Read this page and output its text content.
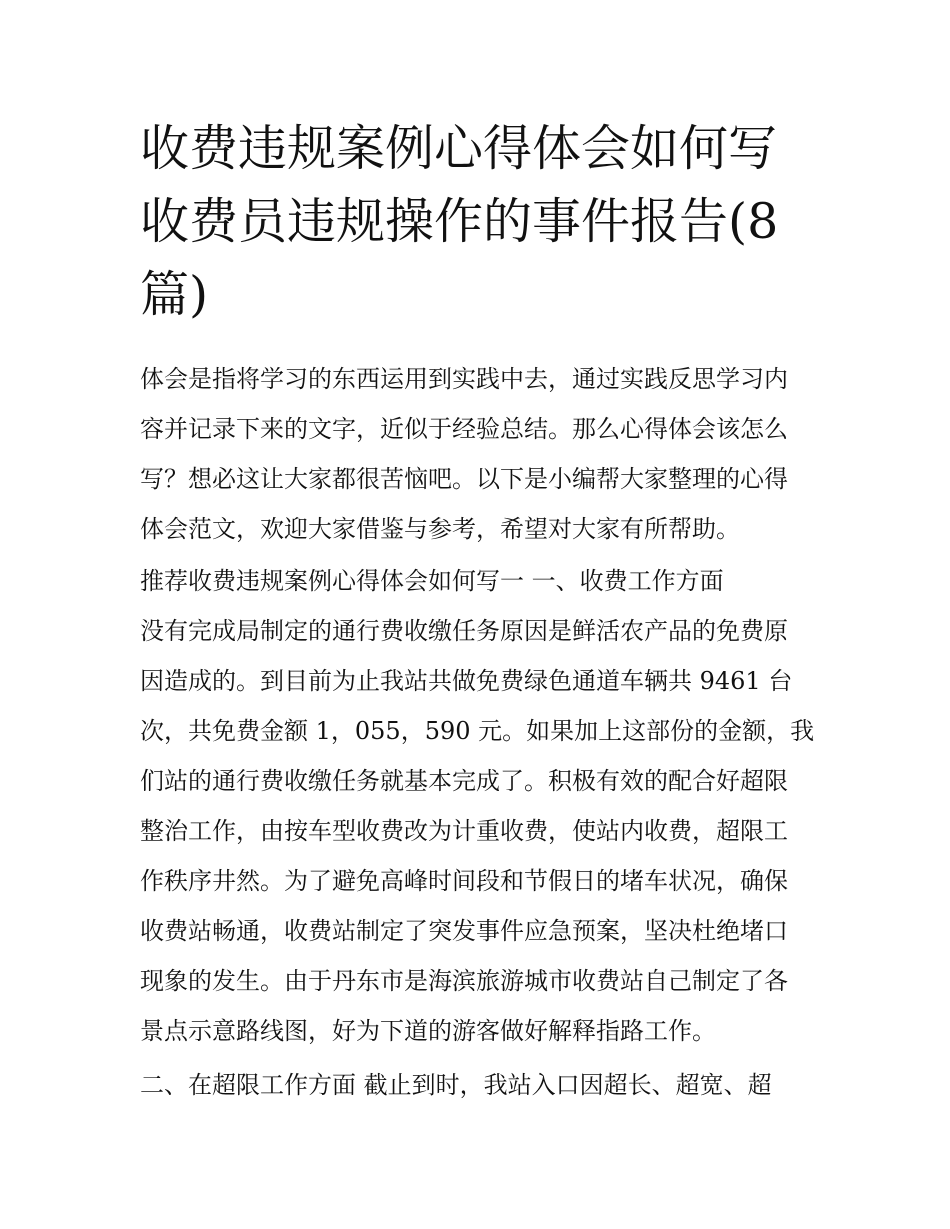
收费违规案例心得体会如何写
收费员违规操作的事件报告(8
篇)

体会是指将学习的东西运用到实践中去，通过实践反思学习内

容并记录下来的文字，近似于经验总结。那么心得体会该怎么

写？想必这让大家都很苦恼吧。以下是小编帮大家整理的心得

体会范文，欢迎大家借鉴与参考，希望对大家有所帮助。

推荐收费违规案例心得体会如何写一 一、收费工作方面

没有完成局制定的通行费收缴任务原因是鲜活农产品的免费原

因造成的。到目前为止我站共做免费绿色通道车辆共 9461 台

次，共免费金额 1，055，590 元。如果加上这部份的金额，我

们站的通行费收缴任务就基本完成了。积极有效的配合好超限

整治工作，由按车型收费改为计重收费，使站内收费，超限工

作秩序井然。为了避免高峰时间段和节假日的堵车状况，确保

收费站畅通，收费站制定了突发事件应急预案，坚决杜绝堵口

现象的发生。由于丹东市是海滨旅游城市收费站自己制定了各

景点示意路线图，好为下道的游客做好解释指路工作。

二、在超限工作方面 截止到时，我站入口因超长、超宽、超
